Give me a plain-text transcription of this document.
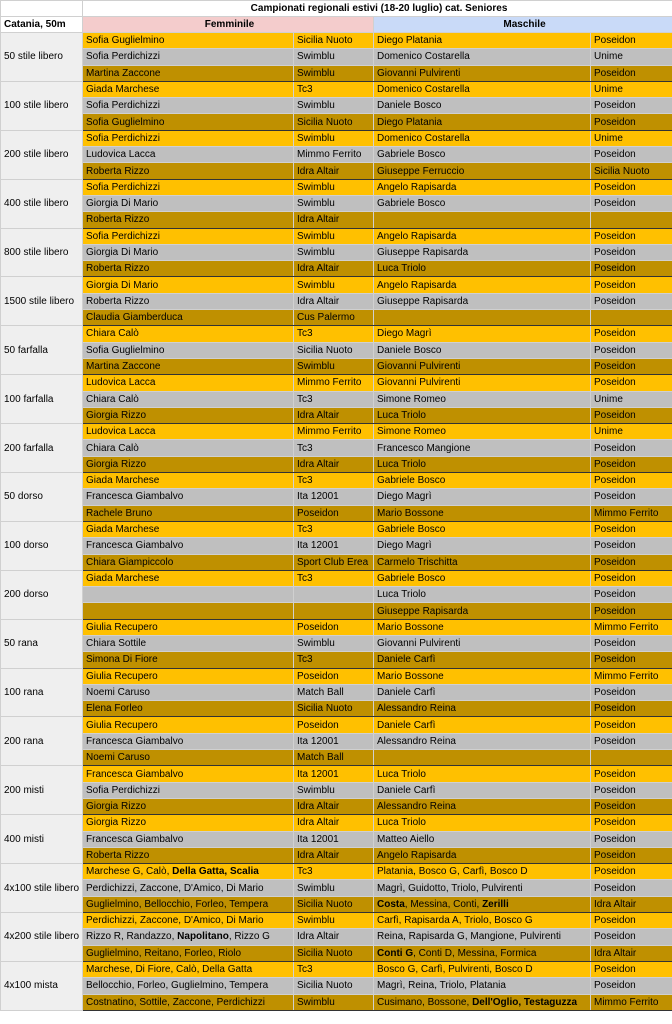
	Campionati regionali estivi (18-20 luglio) cat. Seniores			
Catania, 50m	Femminile		Maschile	
50 stile libero	Sofia Guglielmino	Sicilia Nuoto	Diego Platania	Poseidon
	Sofia Perdichizzi	Swimblu	Domenico Costarella	Unime
	Martina Zaccone	Swimblu	Giovanni Pulvirenti	Poseidon
100 stile libero	Giada Marchese	Tc3	Domenico Costarella	Unime
	Sofia Perdichizzi	Swimblu	Daniele Bosco	Poseidon
	Sofia Guglielmino	Sicilia Nuoto	Diego Platania	Poseidon
200 stile libero	Sofia Perdichizzi	Swimblu	Domenico Costarella	Unime
	Ludovica Lacca	Mimmo Ferrito	Gabriele Bosco	Poseidon
	Roberta Rizzo	Idra Altair	Giuseppe Ferruccio	Sicilia Nuoto
400 stile libero	Sofia Perdichizzi	Swimblu	Angelo Rapisarda	Poseidon
	Giorgia Di Mario	Swimblu	Gabriele Bosco	Poseidon
	Roberta Rizzo	Idra Altair		
800 stile libero	Sofia Perdichizzi	Swimblu	Angelo Rapisarda	Poseidon
	Giorgia Di Mario	Swimblu	Giuseppe Rapisarda	Poseidon
	Roberta Rizzo	Idra Altair	Luca Triolo	Poseidon
1500 stile libero	Giorgia Di Mario	Swimblu	Angelo Rapisarda	Poseidon
	Roberta Rizzo	Idra Altair	Giuseppe Rapisarda	Poseidon
	Claudia Giamberduca	Cus Palermo		
50 farfalla	Chiara Calò	Tc3	Diego Magrì	Poseidon
	Sofia Guglielmino	Sicilia Nuoto	Daniele Bosco	Poseidon
	Martina Zaccone	Swimblu	Giovanni Pulvirenti	Poseidon
100 farfalla	Ludovica Lacca	Mimmo Ferrito	Giovanni Pulvirenti	Poseidon
	Chiara Calò	Tc3	Simone Romeo	Unime
	Giorgia Rizzo	Idra Altair	Luca Triolo	Poseidon
200 farfalla	Ludovica Lacca	Mimmo Ferrito	Simone Romeo	Unime
	Chiara Calò	Tc3	Francesco Mangione	Poseidon
	Giorgia Rizzo	Idra Altair	Luca Triolo	Poseidon
50 dorso	Giada Marchese	Tc3	Gabriele Bosco	Poseidon
	Francesca Giambalvo	Ita 12001	Diego Magrì	Poseidon
	Rachele Bruno	Poseidon	Mario Bossone	Mimmo Ferrito
100 dorso	Giada Marchese	Tc3	Gabriele Bosco	Poseidon
	Francesca Giambalvo	Ita 12001	Diego Magrì	Poseidon
	Chiara Giampiccolo	Sport Club Erea	Carmelo Trischitta	Poseidon
200 dorso	Giada Marchese	Tc3	Gabriele Bosco	Poseidon
			Luca Triolo	Poseidon
			Giuseppe Rapisarda	Poseidon
50 rana	Giulia Recupero	Poseidon	Mario Bossone	Mimmo Ferrito
	Chiara Sottile	Swimblu	Giovanni Pulvirenti	Poseidon
	Simona Di Fiore	Tc3	Daniele Carfì	Poseidon
100 rana	Giulia Recupero	Poseidon	Mario Bossone	Mimmo Ferrito
	Noemi Caruso	Match Ball	Daniele Carfì	Poseidon
	Elena Forleo	Sicilia Nuoto	Alessandro Reina	Poseidon
200 rana	Giulia Recupero	Poseidon	Daniele Carfì	Poseidon
	Francesca Giambalvo	Ita 12001	Alessandro Reina	Poseidon
	Noemi Caruso	Match Ball		
200 misti	Francesca Giambalvo	Ita 12001	Luca Triolo	Poseidon
	Sofia Perdichizzi	Swimblu	Daniele Carfì	Poseidon
	Giorgia Rizzo	Idra Altair	Alessandro Reina	Poseidon
400 misti	Giorgia Rizzo	Idra Altair	Luca Triolo	Poseidon
	Francesca Giambalvo	Ita 12001	Matteo Aiello	Poseidon
	Roberta Rizzo	Idra Altair	Angelo Rapisarda	Poseidon
4x100 stile libero	Marchese G, Calò, Della Gatta, Scalia	Tc3	Platania, Bosco G, Carfì, Bosco D	Poseidon
	Perdichizzi, Zaccone, D'Amico, Di Mario	Swimblu	Magrì, Guidotto, Triolo, Pulvirenti	Poseidon
	Guglielmino, Bellocchio, Forleo, Tempera	Sicilia Nuoto	Costa, Messina, Conti, Zerilli	Idra Altair
4x200 stile libero	Perdichizzi, Zaccone, D'Amico, Di Mario	Swimblu	Carfì, Rapisarda A, Triolo, Bosco G	Poseidon
	Rizzo R, Randazzo, Napolitano, Rizzo G	Idra Altair	Reina, Rapisarda G, Mangione, Pulvirenti	Poseidon
	Guglielmino, Reitano, Forleo, Riolo	Sicilia Nuoto	Conti G, Conti D, Messina, Formica	Idra Altair
4x100 mista	Marchese, Di Fiore, Calò, Della Gatta	Tc3	Bosco G, Carfì, Pulvirenti, Bosco D	Poseidon
	Bellocchio, Forleo, Guglielmino, Tempera	Sicilia Nuoto	Magrì, Reina, Triolo, Platania	Poseidon
	Costnatino, Sottile, Zaccone, Perdichizzi	Swimblu	Cusimano, Bossone, Dell'Oglio, Testaguzza	Mimmo Ferrito
